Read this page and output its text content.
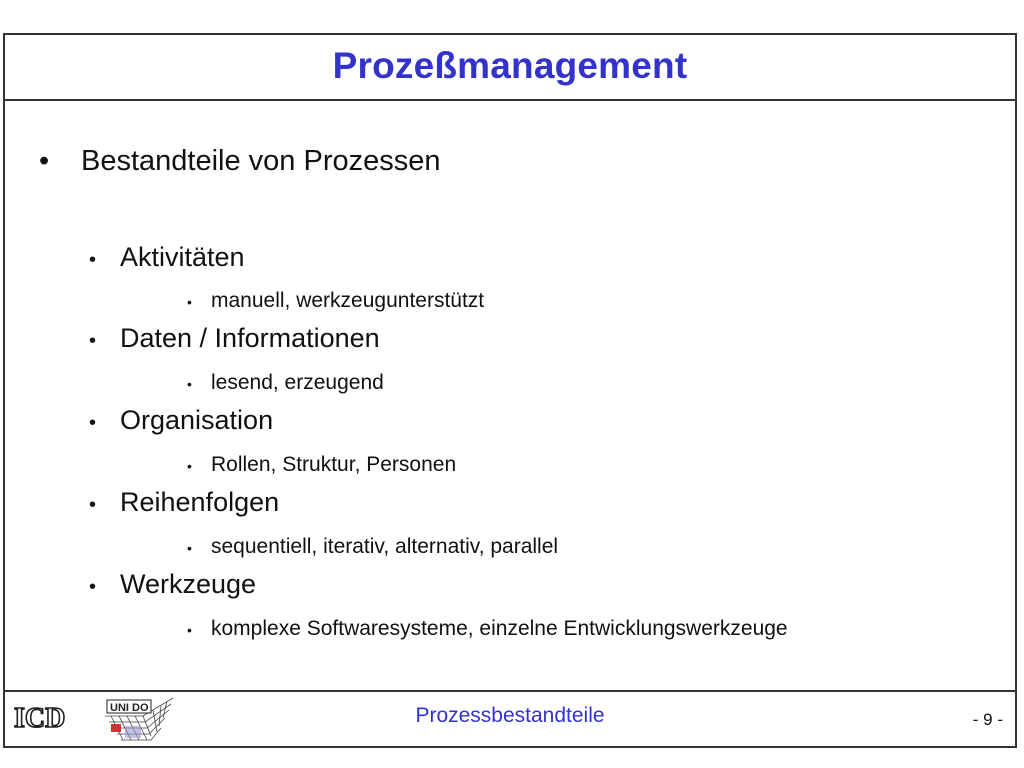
Prozeßmanagement
•	Bestandteile von Prozessen
• Aktivitäten
• manuell, werkzeugunterstützt
• Daten / Informationen
• lesend, erzeugend
• Organisation
• Rollen, Struktur, Personen
• Reihenfolgen
• sequentiell, iterativ, alternativ, parallel
• Werkzeuge
• komplexe Softwaresysteme, einzelne Entwicklungswerkzeuge
ICD	UNI DO	Prozessbestandteile	- 9 -
